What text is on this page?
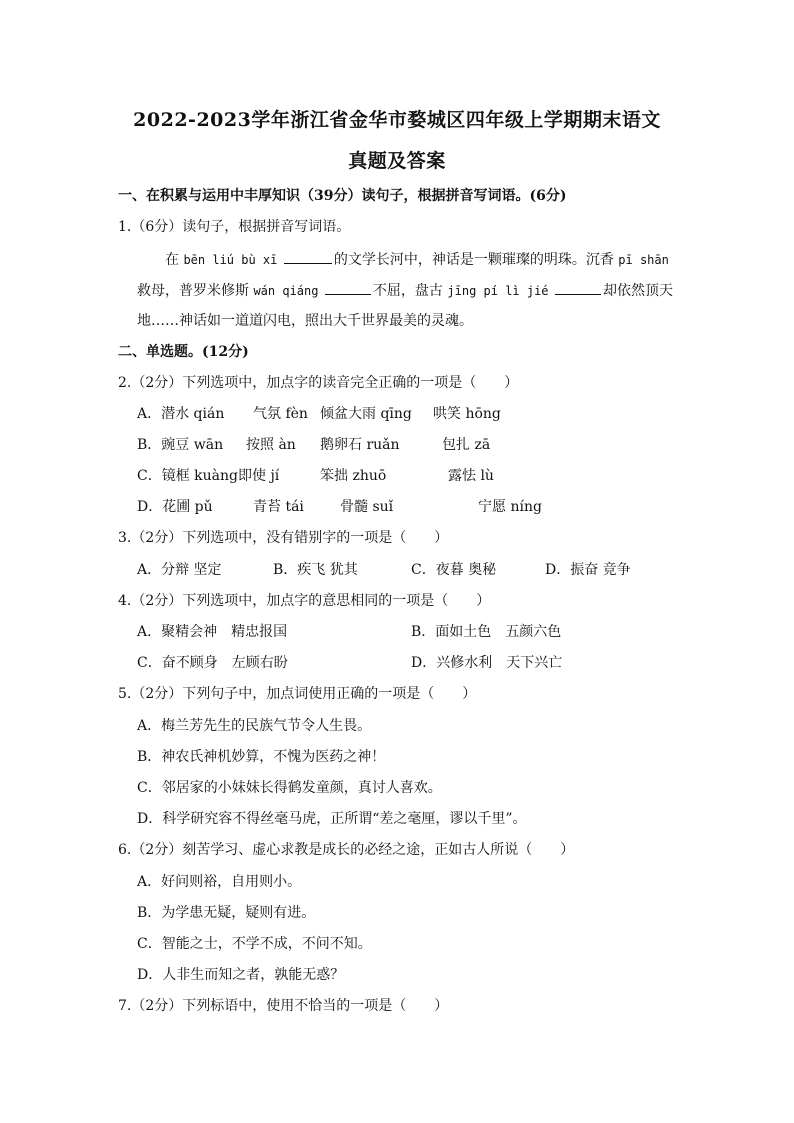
2022-2023学年浙江省金华市婺城区四年级上学期期末语文
真题及答案
一、在积累与运用中丰厚知识（39分）读句子，根据拼音写词语。(6分)
1.（6分）读句子，根据拼音写词语。
在 bēn liú bù xī	的文学长河中，神话是一颗璀璨的明珠。沉香 pī shān
救母，普罗米修斯 wán qiáng	不屈，盘古 jīng pí lì jié	却依然顶天
地……神话如一道道闪电，照出大千世界最美的灵魂。
二、单选题。(12分)
2.（2分）下列选项中，加点字的读音完全正确的一项是（　　）
A．潜水 qián 气氛 fèn 倾盆大雨 qīng 哄笑 hōng
B．豌豆 wān 按照 àn 鹅卵石 ruǎn	包扎 zā
C．镜框 kuàng 即使 jí	笨拙 zhuō	露怯 lù
D．花圃 pǔ	青苔 tái	骨髓 suǐ	宁愿 níng
3.（2分）下列选项中，没有错别字的一项是（　　）
A．分辩 坚定	B．疾飞 犹其	C．夜暮 奥秘	D．振奋 竞争
4.（2分）下列选项中，加点字的意思相同的一项是（　　）
A．聚精会神　精忠报国	B．面如土色　五颜六色
C．奋不顾身　左顾右盼	D．兴修水利　天下兴亡
5.（2分）下列句子中，加点词使用正确的一项是（　　）
A．梅兰芳先生的民族气节令人生畏。
B．神农氏神机妙算，不愧为医药之神！
C．邻居家的小妹妹长得鹤发童颜，真讨人喜欢。
D．科学研究容不得丝毫马虎，正所谓“差之毫厘，谬以千里”。
6.（2分）刻苦学习、虚心求教是成长的必经之途，正如古人所说（　　）
A．好问则裕，自用则小。
B．为学患无疑，疑则有进。
C．智能之士，不学不成，不问不知。
D．人非生而知之者，孰能无惑？
7.（2分）下列标语中，使用不恰当的一项是（　　）
